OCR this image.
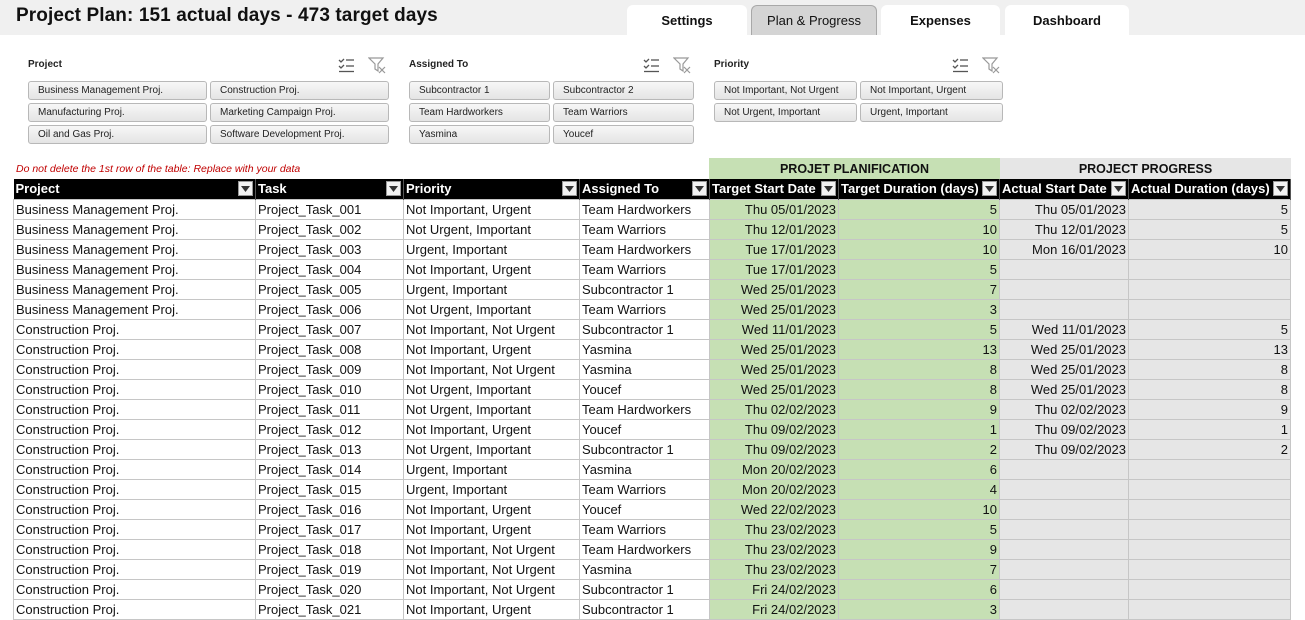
Project Plan: 151 actual days - 473 target days	Settings	Plan & Progress	Expenses	Dashboard
Project
Business Management Proj.	Construction Proj.
Manufacturing Proj.	Marketing Campaign Proj.
Oil and Gas Proj.	Software Development Proj.
Assigned To
Subcontractor 1	Subcontractor 2
Team Hardworkers	Team Warriors
Yasmina	Youcef
Priority
Not Important, Not Urgent	Not Important, Urgent
Not Urgent, Important	Urgent, Important
Do not delete the 1st row of the table: Replace with your data	PROJET PLANIFICATION	PROJECT PROGRESS
Project	Task	Priority	Assigned To	Target Start Date	Target Duration (days)	Actual Start Date	Actual Duration (days)

Business Management Proj.	Project_Task_001	Not Important, Urgent	Team Hardworkers	Thu 05/01/2023	5	Thu 05/01/2023	5
Business Management Proj.	Project_Task_002	Not Urgent, Important	Team Warriors	Thu 12/01/2023	10	Thu 12/01/2023	5
Business Management Proj.	Project_Task_003	Urgent, Important	Team Hardworkers	Tue 17/01/2023	10	Mon 16/01/2023	10
Business Management Proj.	Project_Task_004	Not Important, Urgent	Team Warriors	Tue 17/01/2023	5		
Business Management Proj.	Project_Task_005	Urgent, Important	Subcontractor 1	Wed 25/01/2023	7		
Business Management Proj.	Project_Task_006	Not Urgent, Important	Team Warriors	Wed 25/01/2023	3		
Construction Proj.	Project_Task_007	Not Important, Not Urgent	Subcontractor 1	Wed 11/01/2023	5	Wed 11/01/2023	5
Construction Proj.	Project_Task_008	Not Important, Urgent	Yasmina	Wed 25/01/2023	13	Wed 25/01/2023	13
Construction Proj.	Project_Task_009	Not Important, Not Urgent	Yasmina	Wed 25/01/2023	8	Wed 25/01/2023	8
Construction Proj.	Project_Task_010	Not Urgent, Important	Youcef	Wed 25/01/2023	8	Wed 25/01/2023	8
Construction Proj.	Project_Task_011	Not Urgent, Important	Team Hardworkers	Thu 02/02/2023	9	Thu 02/02/2023	9
Construction Proj.	Project_Task_012	Not Important, Urgent	Youcef	Thu 09/02/2023	1	Thu 09/02/2023	1
Construction Proj.	Project_Task_013	Not Urgent, Important	Subcontractor 1	Thu 09/02/2023	2	Thu 09/02/2023	2
Construction Proj.	Project_Task_014	Urgent, Important	Yasmina	Mon 20/02/2023	6		
Construction Proj.	Project_Task_015	Urgent, Important	Team Warriors	Mon 20/02/2023	4		
Construction Proj.	Project_Task_016	Not Important, Urgent	Youcef	Wed 22/02/2023	10		
Construction Proj.	Project_Task_017	Not Important, Urgent	Team Warriors	Thu 23/02/2023	5		
Construction Proj.	Project_Task_018	Not Important, Not Urgent	Team Hardworkers	Thu 23/02/2023	9		
Construction Proj.	Project_Task_019	Not Important, Not Urgent	Yasmina	Thu 23/02/2023	7		
Construction Proj.	Project_Task_020	Not Important, Not Urgent	Subcontractor 1	Fri 24/02/2023	6		
Construction Proj.	Project_Task_021	Not Important, Urgent	Subcontractor 1	Fri 24/02/2023	3		
